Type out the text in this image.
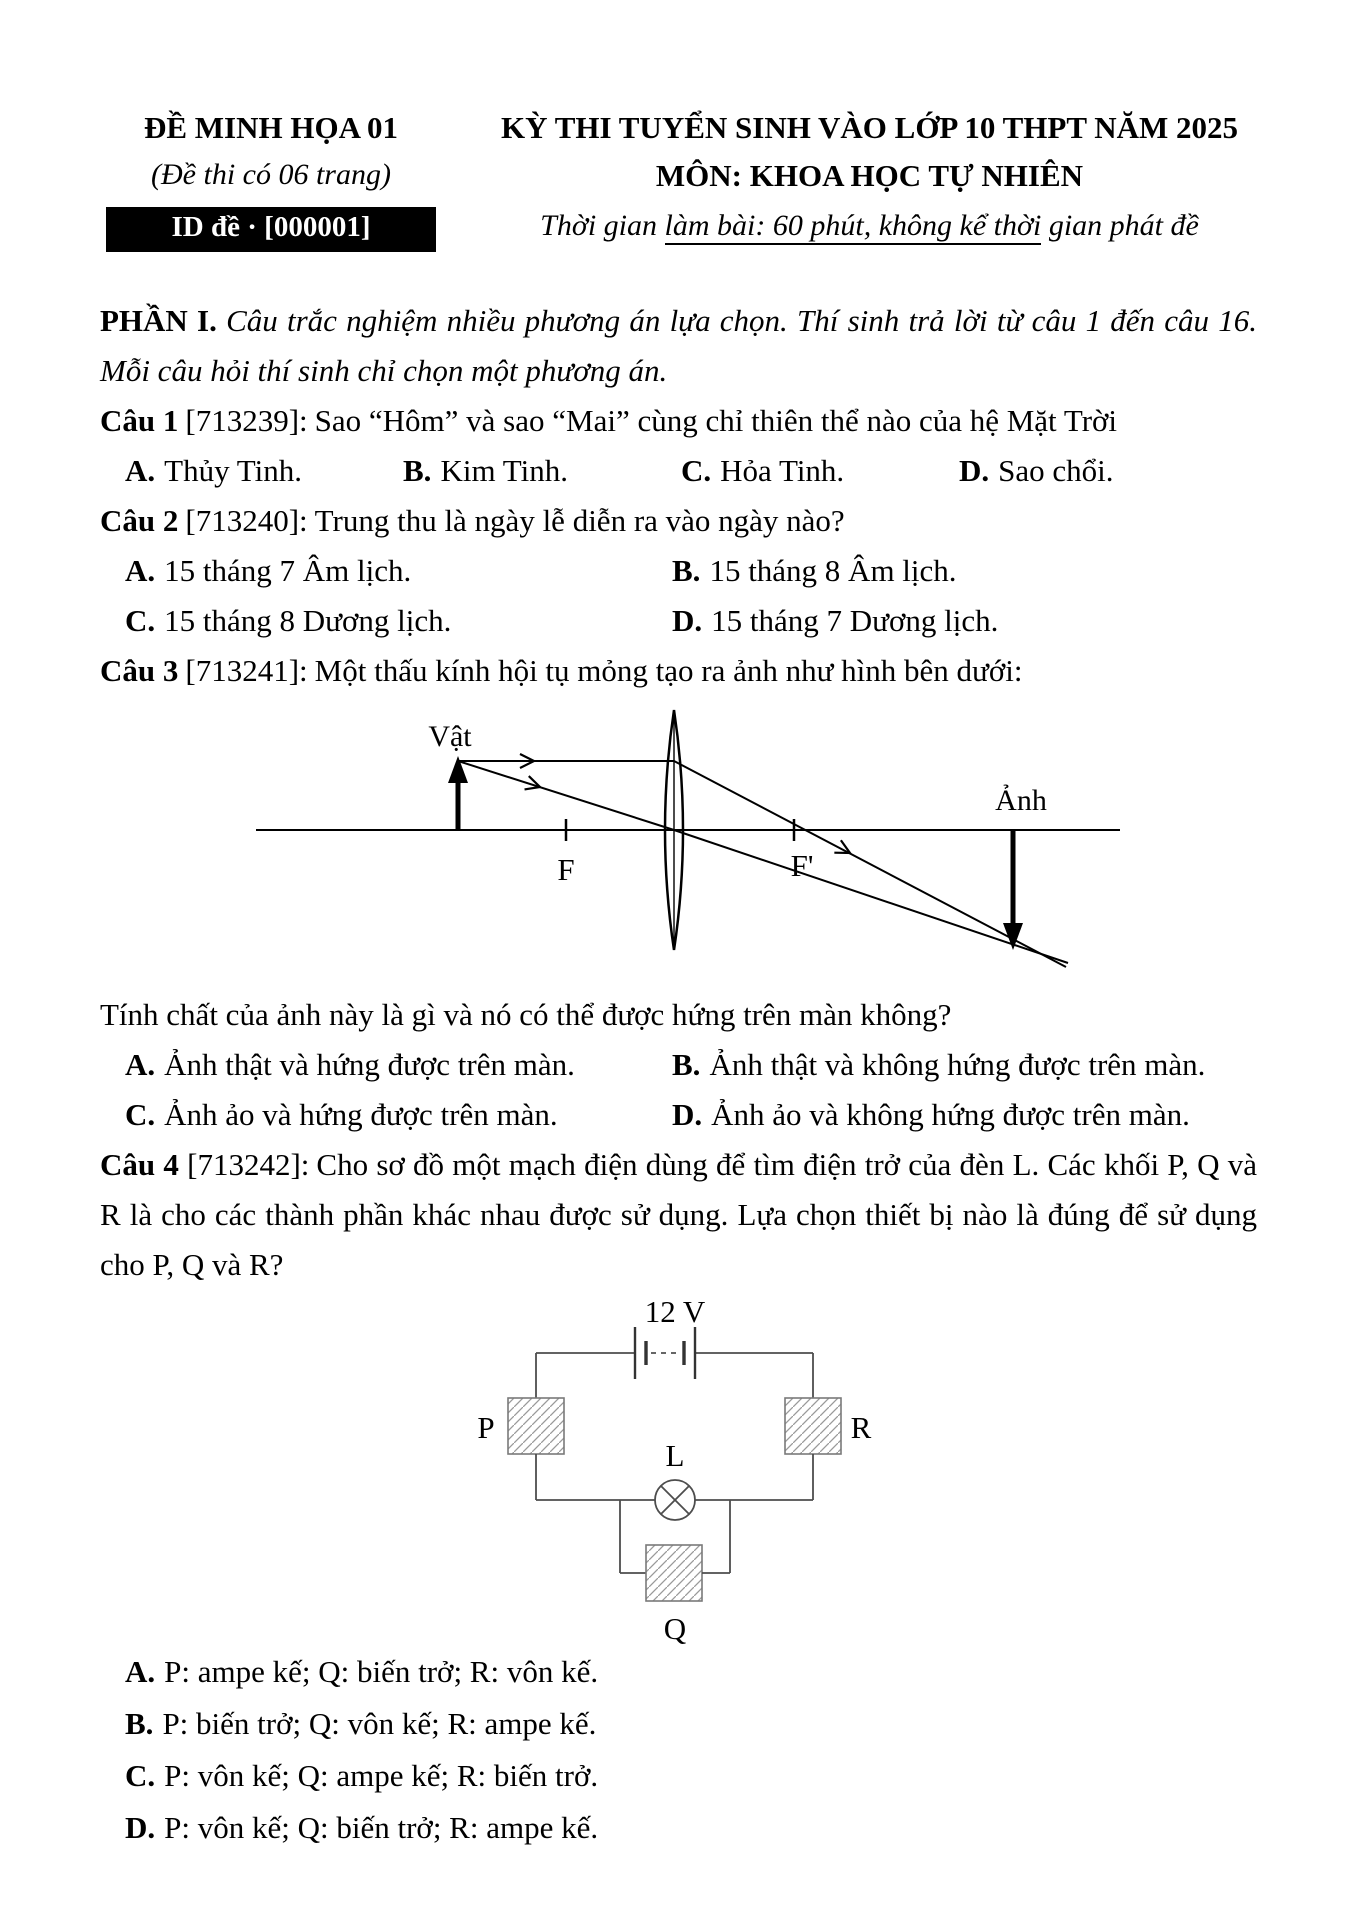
ĐỀ MINH HỌA 01
(Đề thi có 06 trang)
ID đề · [000001]
KỲ THI TUYỂN SINH VÀO LỚP 10 THPT NĂM 2025
MÔN: KHOA HỌC TỰ NHIÊN
Thời gian làm bài: 60 phút, không kể thời gian phát đề
PHẦN I. Câu trắc nghiệm nhiều phương án lựa chọn. Thí sinh trả lời từ câu 1 đến câu 16. Mỗi câu hỏi thí sinh chỉ chọn một phương án.
Câu 1 [713239]: Sao “Hôm” và sao “Mai” cùng chỉ thiên thể nào của hệ Mặt Trời
A. Thủy Tinh.	B. Kim Tinh.	C. Hỏa Tinh.	D. Sao chổi.
Câu 2 [713240]: Trung thu là ngày lễ diễn ra vào ngày nào?
A. 15 tháng 7 Âm lịch.	B. 15 tháng 8 Âm lịch.
C. 15 tháng 8 Dương lịch.	D. 15 tháng 7 Dương lịch.
Câu 3 [713241]: Một thấu kính hội tụ mỏng tạo ra ảnh như hình bên dưới:
Vật
F	F'
Ảnh
Tính chất của ảnh này là gì và nó có thể được hứng trên màn không?
A. Ảnh thật và hứng được trên màn.	B. Ảnh thật và không hứng được trên màn.
C. Ảnh ảo và hứng được trên màn.	D. Ảnh ảo và không hứng được trên màn.
Câu 4 [713242]: Cho sơ đồ một mạch điện dùng để tìm điện trở của đèn L. Các khối P, Q và R là cho các thành phần khác nhau được sử dụng. Lựa chọn thiết bị nào là đúng để sử dụng cho P, Q và R?
12 V
P	R
L
Q
A. P: ampe kế; Q: biến trở; R: vôn kế.
B. P: biến trở; Q: vôn kế; R: ampe kế.
C. P: vôn kế; Q: ampe kế; R: biến trở.
D. P: vôn kế; Q: biến trở; R: ampe kế.
